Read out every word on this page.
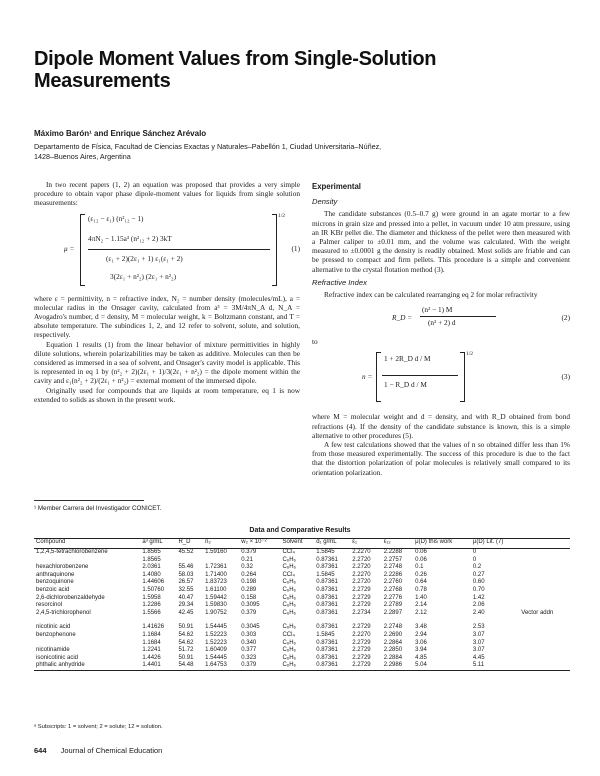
Dipole Moment Values from Single-Solution Measurements
Máximo Barón¹ and Enrique Sánchez Arévalo
Departamento de Física, Facultad de Ciencias Exactas y Naturales–Pabellón 1, Ciudad Universitaria–Núñez,
1428–Buenos Aires, Argentina

In two recent papers (1, 2) an equation was proposed that provides a very simple procedure to obtain vapor phase dipole-moment values for liquids from single solution measurements:

μ =
(ε₁₂ − ε₁) (n²₁₂ − 1)
4πN₂ − 1.15a³ (n²₁₂ + 2) 3kT
(ε₁ + 2)(2ε₁ + 1) ε₁(ε₁ + 2)
3(2ε₁ + n²₂) (2ε₁ + n²₂)
1/2
(1)

where ε = permittivity, n = refractive index, N₂ = number density (molecules/mL), a = molecular radius in the Onsager cavity, calculated from a³ = 3M/4πN_A d, N_A = Avogadro's number, d = density, M = molecular weight, k = Boltzmann constant, and T = absolute temperature. The subindices 1, 2, and 12 refer to solvent, solute, and solution, respectively.

Equation 1 results (1) from the linear behavior of mixture permittivities in highly dilute solutions, wherein polarizabilities may be taken as additive. Molecules can then be considered as immersed in a sea of solvent, and Onsager's cavity model is applicable. This is represented in eq 1 by (n²₂ + 2)(2ε₁ + 1)/3(2ε₁ + n²₂) = the dipole moment within the cavity and ε₁(n²₂ + 2)/(2ε₁ + n²₂) = external moment of the immersed dipole.

Originally used for compounds that are liquids at room temperature, eq 1 is now extended to solids as shown in the present work.

¹ Member Carrera del Investigador CONICET.
Experimental
Density

The candidate substances (0.5–0.7 g) were ground in an agate mortar to a few microns in grain size and pressed into a pellet, in vacuum under 10 atm pressure, using an IR KBr pellet die. The diameter and thickness of the pellet were then measured with a Palmer caliper to ±0.01 mm, and the volume was calculated. With the weight measured to ±0.0001 g the density is readily obtained. Most solids are friable and can be pressed to compact and firm pellets. This procedure is a simple and convenient alternative to the crystal flotation method (3).

Refractive Index

Refractive index can be calculated rearranging eq 2 for molar refractivity

R_D =
(n² − 1) M
(n² + 2) d
(2)

to

n =
1 + 2R_D d / M
1 − R_D d / M
1/2
(3)

where M = molecular weight and d = density, and with R_D obtained from bond refractions (4). If the density of the candidate substance is known, this is a simple alternative to other procedures (5).

A few test calculations showed that the values of n so obtained differ less than 1% from those measured experimentally. The success of this procedure is due to the fact that the distortion polarization of polar molecules is relatively small compared to its orientation polarization.

Data and Comparative Results
Compound	a³ g/mL	R_D	n₂	w₂ × 10⁻²	Solvent	d₁ g/mL	ε₁	ε₁₂	μ(D) this work	μ(D) Lit. (7)	
1,2,4,5-tetrachlorobenzene	1.8565	45.52	1.59160	0.379	CCl₄	1.5845	2.2270	2.2288	0.06	0	
	1.8565			0.21	C₆H₆	0.87361	2.2720	2.2757	0.06	0	
hexachlorobenzene	2.0361	55.46	1.72361	0.32	C₆H₆	0.87361	2.2720	2.2748	0.1	0.2	
anthraquinone	1.4080	58.03	1.71400	0.264	CCl₄	1.5845	2.2270	2.2286	0.26	0.27	
benzoquinone	1.44606	26.57	1.83723	0.198	C₆H₆	0.87361	2.2720	2.2760	0.64	0.60	
benzoic acid	1.50760	32.55	1.61100	0.289	C₆H₆	0.87361	2.2729	2.2768	0.78	0.70	
2,6-dichlorobenzaldehyde	1.5958	40.47	1.59442	0.158	C₆H₆	0.87361	2.2729	2.2776	1.40	1.42	
resorcinol	1.2286	29.34	1.59830	0.3095	C₆H₆	0.87361	2.2729	2.2789	2.14	2.06	
2,4,5-trichlorophenol	1.5566	42.45	1.90752	0.379	C₆H₆	0.87361	2.2734	2.2897	2.12	2.40	Vector addn
nicotinic acid	1.41626	50.91	1.54445	0.3045	C₆H₆	0.87361	2.2729	2.2748	3.48	2.53	
benzophenone	1.1684	54.62	1.52223	0.303	CCl₄	1.5845	2.2270	2.2690	2.94	3.07	
	1.1684	54.62	1.52223	0.340	C₆H₆	0.87361	2.2729	2.2864	3.06	3.07	
nicotinamide	1.2241	51.72	1.60409	0.377	C₆H₆	0.87361	2.2729	2.2850	3.94	3.07	
isonicotinic acid	1.4426	50.91	1.54445	0.323	C₆H₆	0.87361	2.2729	2.2884	4.85	4.45	
phthalic anhydride	1.4401	54.48	1.64753	0.379	C₆H₆	0.87361	2.2729	2.2986	5.04	5.11	
ᵃ Subscripts: 1 = solvent; 2 = solute; 12 = solution.
644 Journal of Chemical Education
